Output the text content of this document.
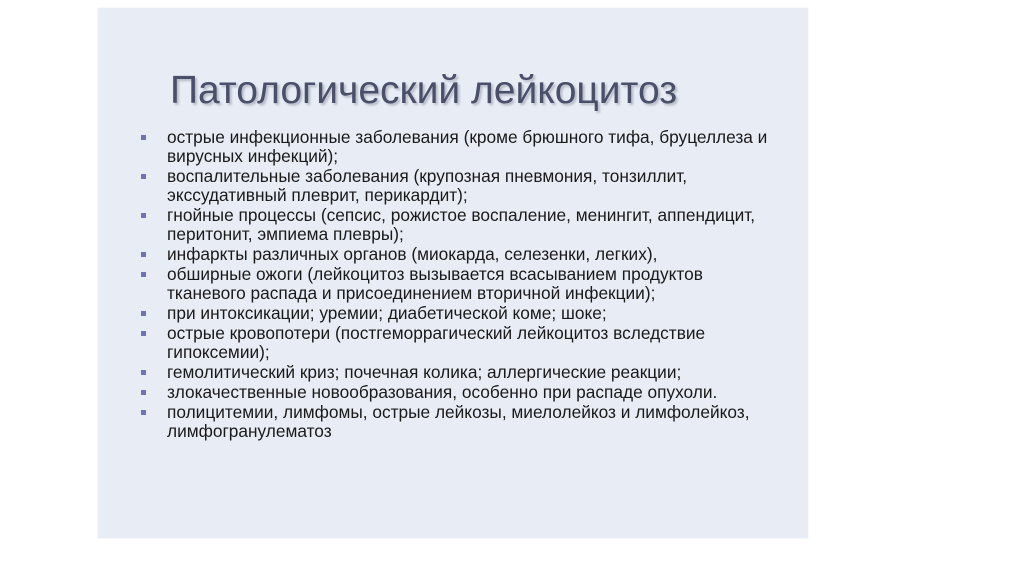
Патологический лейкоцитоз
острые инфекционные заболевания (кроме брюшного тифа, бруцеллеза и вирусных инфекций);
воспалительные заболевания (крупозная пневмония, тонзиллит, экссудативный плеврит, перикардит);
гнойные процессы (сепсис, рожистое воспаление, менингит, аппендицит, перитонит, эмпиема плевры);
инфаркты различных органов (миокарда, селезенки, легких),
обширные ожоги (лейкоцитоз вызывается всасыванием продуктов тканевого распада и присоединением вторичной инфекции);
при интоксикации; уремии; диабетической коме; шоке;
острые кровопотери (постгеморрагический лейкоцитоз вследствие гипоксемии);
гемолитический криз; почечная колика; аллергические реакции;
злокачественные новообразования, особенно при распаде опухоли.
полицитемии, лимфомы, острые лейкозы, миелолейкоз и лимфолейкоз, лимфогранулематоз
